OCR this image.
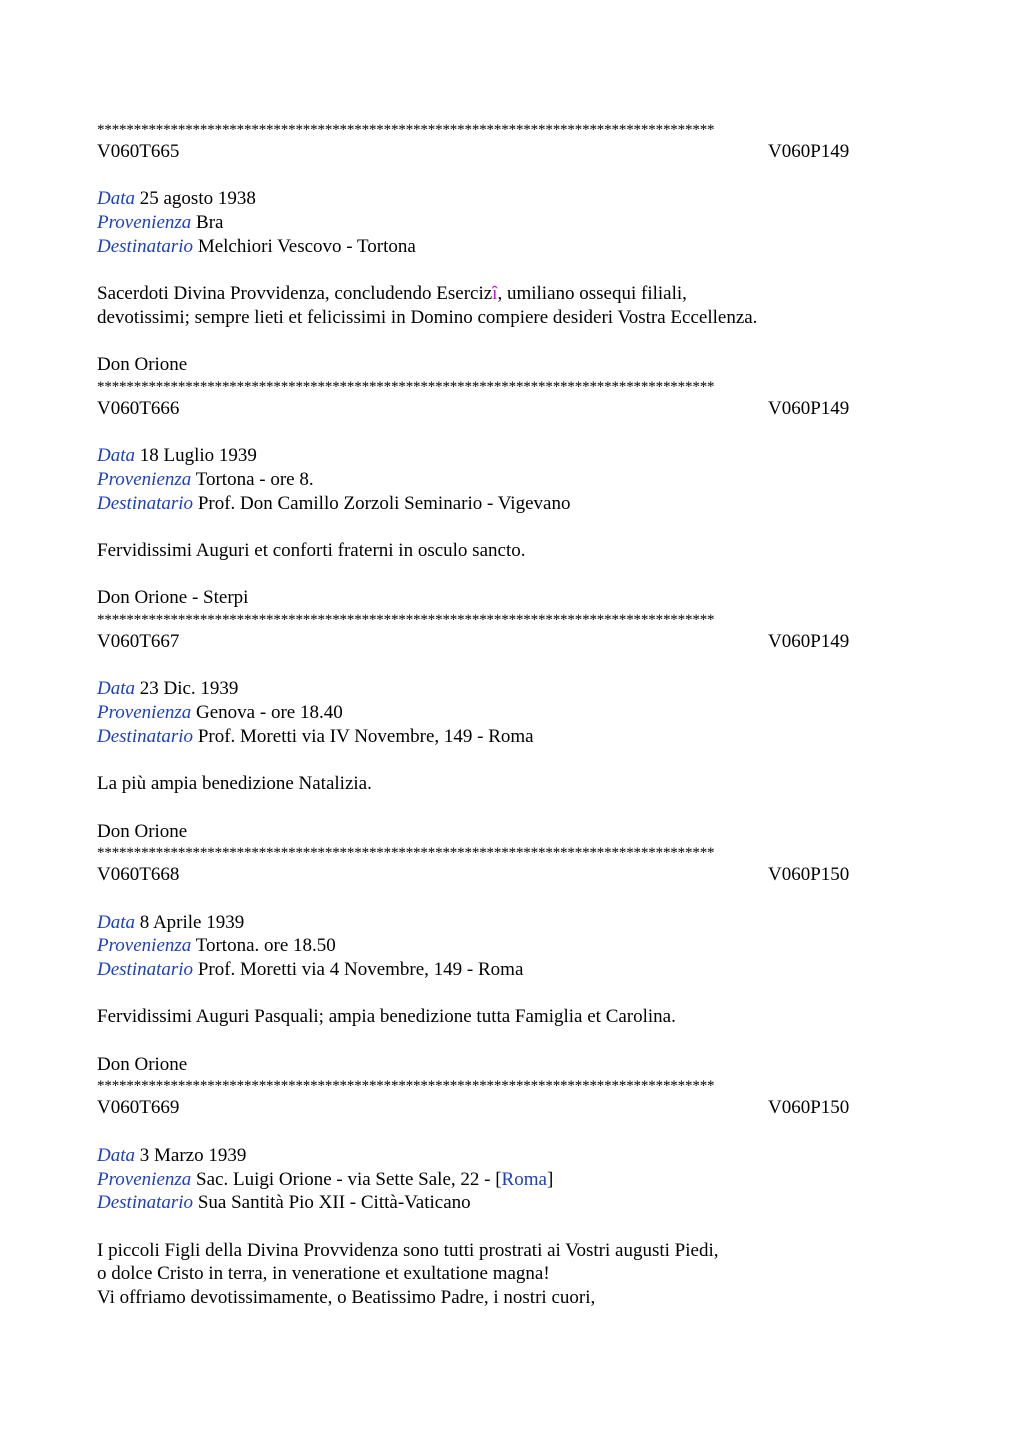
************************************************************************************
V060T665	V060P149
Data 25 agosto 1938
Provenienza Bra
Destinatario Melchiori Vescovo - Tortona
Sacerdoti Divina Provvidenza, concludendo Esercizî, umiliano ossequi filiali,
devotissimi; sempre lieti et felicissimi in Domino compiere desideri Vostra Eccellenza.
Don Orione
************************************************************************************
V060T666	V060P149
Data 18 Luglio 1939
Provenienza Tortona - ore 8.
Destinatario Prof. Don Camillo Zorzoli Seminario - Vigevano
Fervidissimi Auguri et conforti fraterni in osculo sancto.
Don Orione - Sterpi
************************************************************************************
V060T667	V060P149
Data 23 Dic. 1939
Provenienza Genova - ore 18.40
Destinatario Prof. Moretti via IV Novembre, 149 - Roma
La più ampia benedizione Natalizia.
Don Orione
************************************************************************************
V060T668	V060P150
Data 8 Aprile 1939
Provenienza Tortona. ore 18.50
Destinatario Prof. Moretti via 4 Novembre, 149 - Roma
Fervidissimi Auguri Pasquali; ampia benedizione tutta Famiglia et Carolina.
Don Orione
************************************************************************************
V060T669	V060P150
Data 3 Marzo 1939
Provenienza Sac. Luigi Orione - via Sette Sale, 22 - [Roma]
Destinatario Sua Santità Pio XII - Città-Vaticano
I piccoli Figli della Divina Provvidenza sono tutti prostrati ai Vostri augusti Piedi,
o dolce Cristo in terra, in veneratione et exultatione magna!
Vi offriamo devotissimamente, o Beatissimo Padre, i nostri cuori,
